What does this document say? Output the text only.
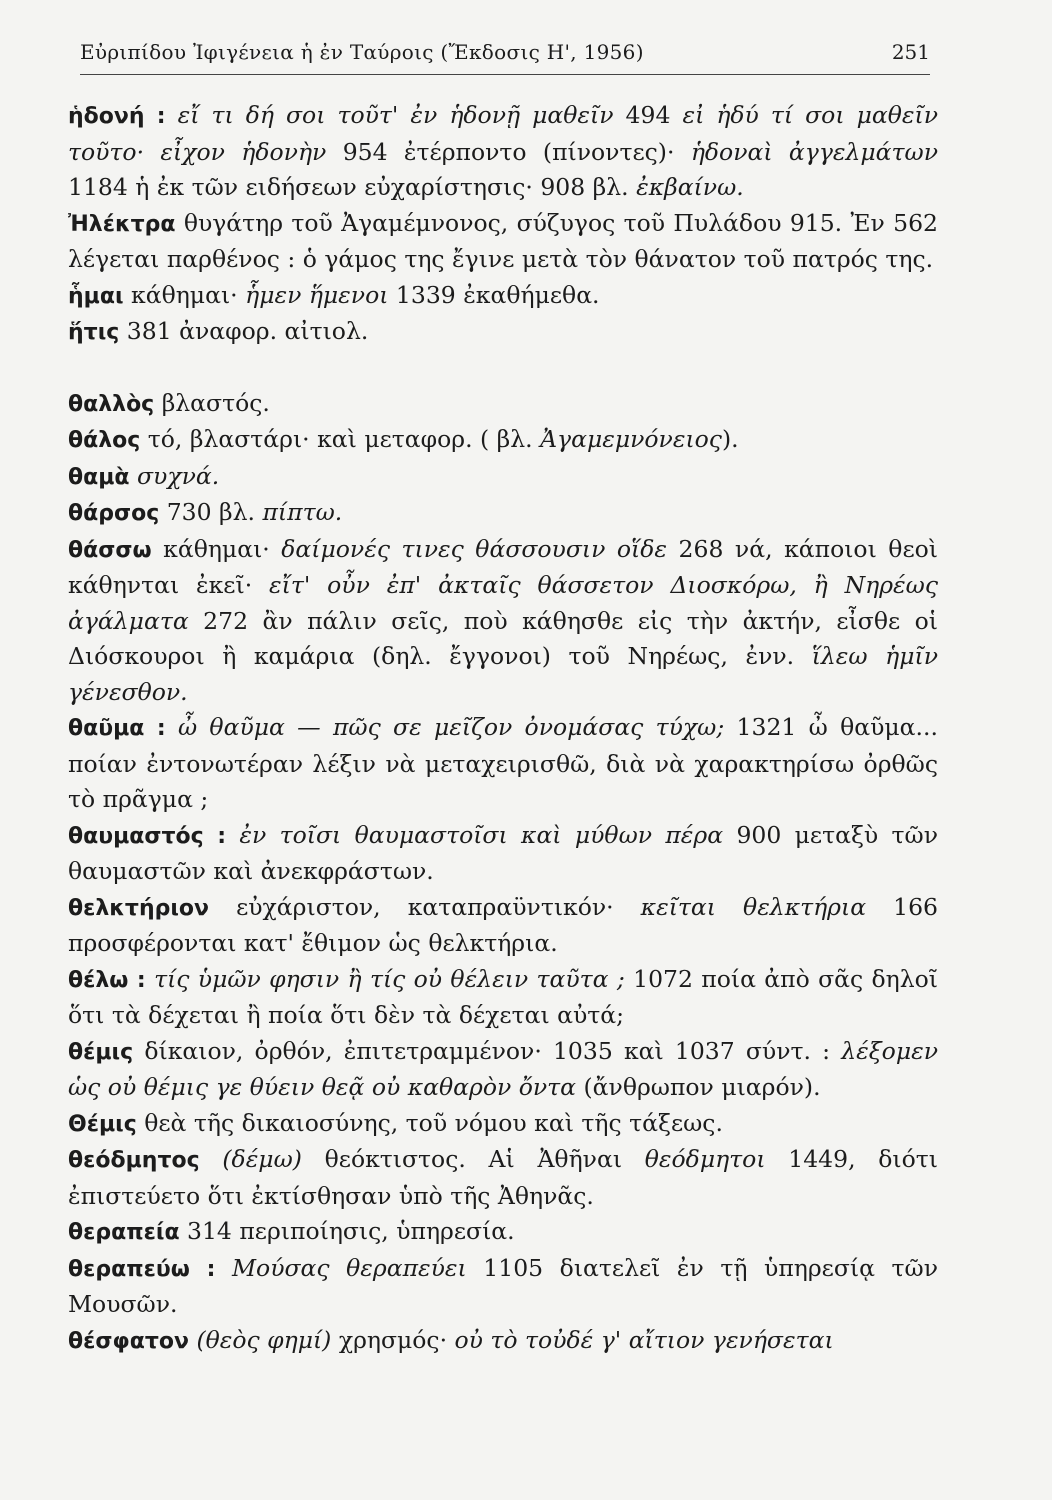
Εὐριπίδου Ἰφιγένεια ἡ ἐν Ταύροις (Ἔκδοσις Η', 1956)	251

ἡδονή : εἴ τι δή σοι τοῦτ' ἐν ἡδονῇ μαθεῖν 494 εἰ ἡδύ τί σοι μαθεῖν τοῦτο· εἶχον ἡδονὴν 954 ἐτέρποντο (πίνοντες)· ἡδοναὶ ἀγγελμάτων 1184 ἡ ἐκ τῶν ειδήσεων εὐχαρίστησις· 908 βλ. ἐκβαίνω.

Ἠλέκτρα θυγάτηρ τοῦ Ἀγαμέμνονος, σύζυγος τοῦ Πυλάδου 915. Ἐν 562 λέγεται παρθένος : ὁ γάμος της ἔγινε μετὰ τὸν θάνατον τοῦ πατρός της.

ἧμαι κάθημαι· ἧμεν ἥμενοι 1339 ἐκαθήμεθα.

ἥτις 381 ἀναφορ. αἰτιολ.

θαλλὸς βλαστός.

θάλος τό, βλαστάρι· καὶ μεταφορ. ( βλ. Ἀγαμεμνόνειος).

θαμὰ συχνά.

θάρσος 730 βλ. πίπτω.

θάσσω κάθημαι· δαίμονές τινες θάσσουσιν οἵδε 268 νά, κάποιοι θεοὶ κάθηνται ἐκεῖ· εἴτ' οὖν ἐπ' ἀκταῖς θάσσετον Διοσκόρω, ἢ Νηρέως ἀγάλματα 272 ἂν πάλιν σεῖς, ποὺ κάθησθε εἰς τὴν ἀκτήν, εἶσθε οἱ Διόσκουροι ἢ καμάρια (δηλ. ἔγγονοι) τοῦ Νηρέως, ἐνν. ἵλεω ἡμῖν γένεσθον.

θαῦμα : ὦ θαῦμα — πῶς σε μεῖζον ὀνομάσας τύχω; 1321 ὦ θαῦμα... ποίαν ἐντονωτέραν λέξιν νὰ μεταχειρισθῶ, διὰ νὰ χαρακτηρίσω ὀρθῶς τὸ πρᾶγμα ;

θαυμαστός : ἐν τοῖσι θαυμαστοῖσι καὶ μύθων πέρα 900 μεταξὺ τῶν θαυμαστῶν καὶ ἀνεκφράστων.

θελκτήριον εὐχάριστον, καταπραϋντικόν· κεῖται θελκτήρια 166 προσφέρονται κατ' ἔθιμον ὡς θελκτήρια.

θέλω : τίς ὑμῶν φησιν ἢ τίς οὐ θέλειν ταῦτα ; 1072 ποία ἀπὸ σᾶς δηλοῖ ὅτι τὰ δέχεται ἢ ποία ὅτι δὲν τὰ δέχεται αὐτά;

θέμις δίκαιον, ὀρθόν, ἐπιτετραμμένον· 1035 καὶ 1037 σύντ. : λέξομεν ὡς οὐ θέμις γε θύειν θεᾷ οὐ καθαρὸν ὄντα (ἄνθρωπον μιαρόν).

Θέμις θεὰ τῆς δικαιοσύνης, τοῦ νόμου καὶ τῆς τάξεως.

θεόδμητος (δέμω) θεόκτιστος. Αἱ Ἀθῆναι θεόδμητοι 1449, διότι ἐπιστεύετο ὅτι ἐκτίσθησαν ὑπὸ τῆς Ἀθηνᾶς.

θεραπεία 314 περιποίησις, ὑπηρεσία.

θεραπεύω : Μούσας θεραπεύει 1105 διατελεῖ ἐν τῇ ὑπηρεσίᾳ τῶν Μουσῶν.

θέσφατον (θεὸς φημί) χρησμός· οὐ τὸ τοὐδέ γ' αἴτιον γενήσεται
